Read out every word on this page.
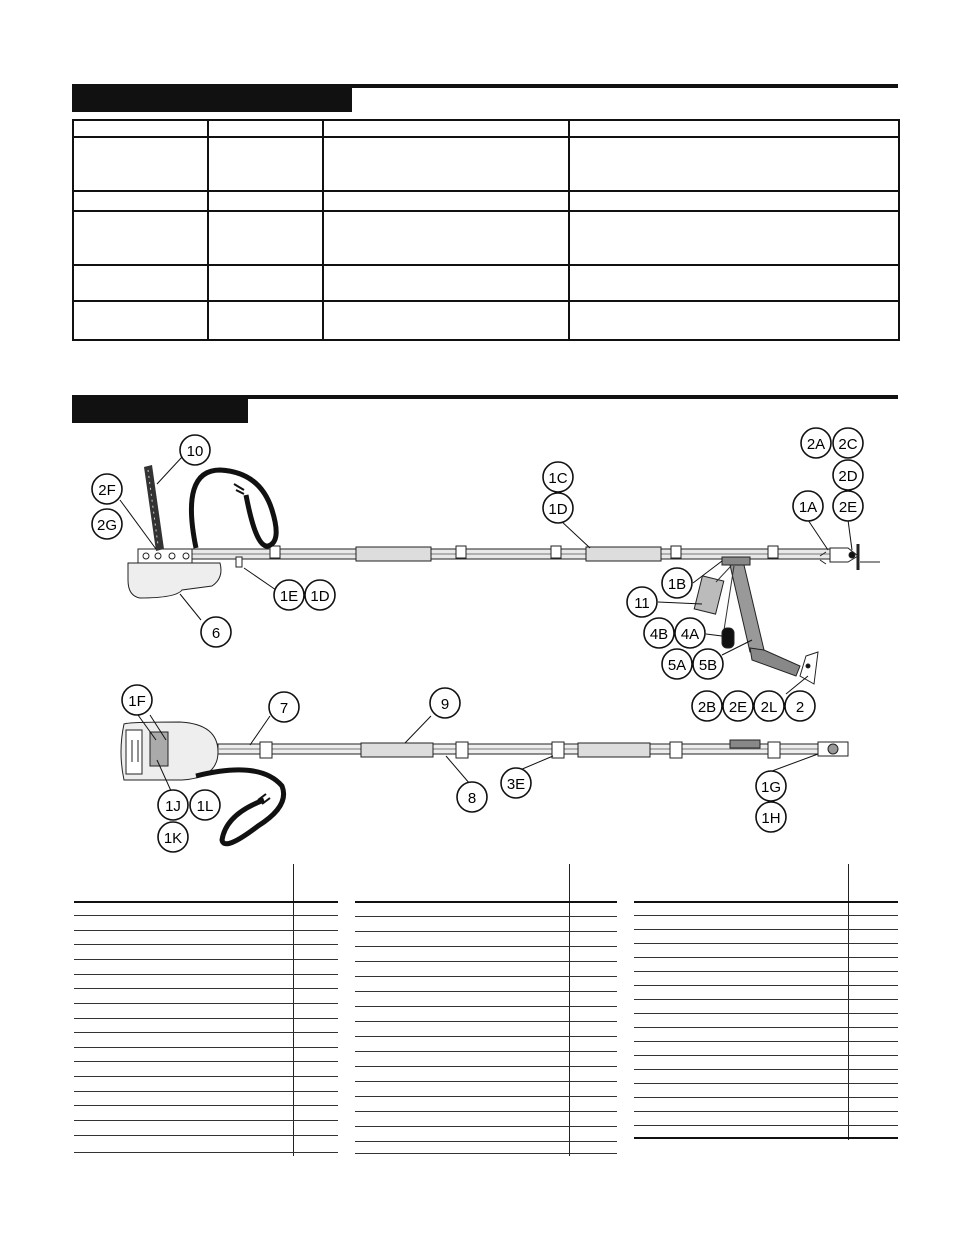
10
2F
2G
6
1E 1D
1C
1D
2A 2C
2D
1A 2E
1B
11
4B 4A
5A 5B
2B 2E 2L 2
1F	7	9
1J 1L
1K
8
3E	1G
1H
